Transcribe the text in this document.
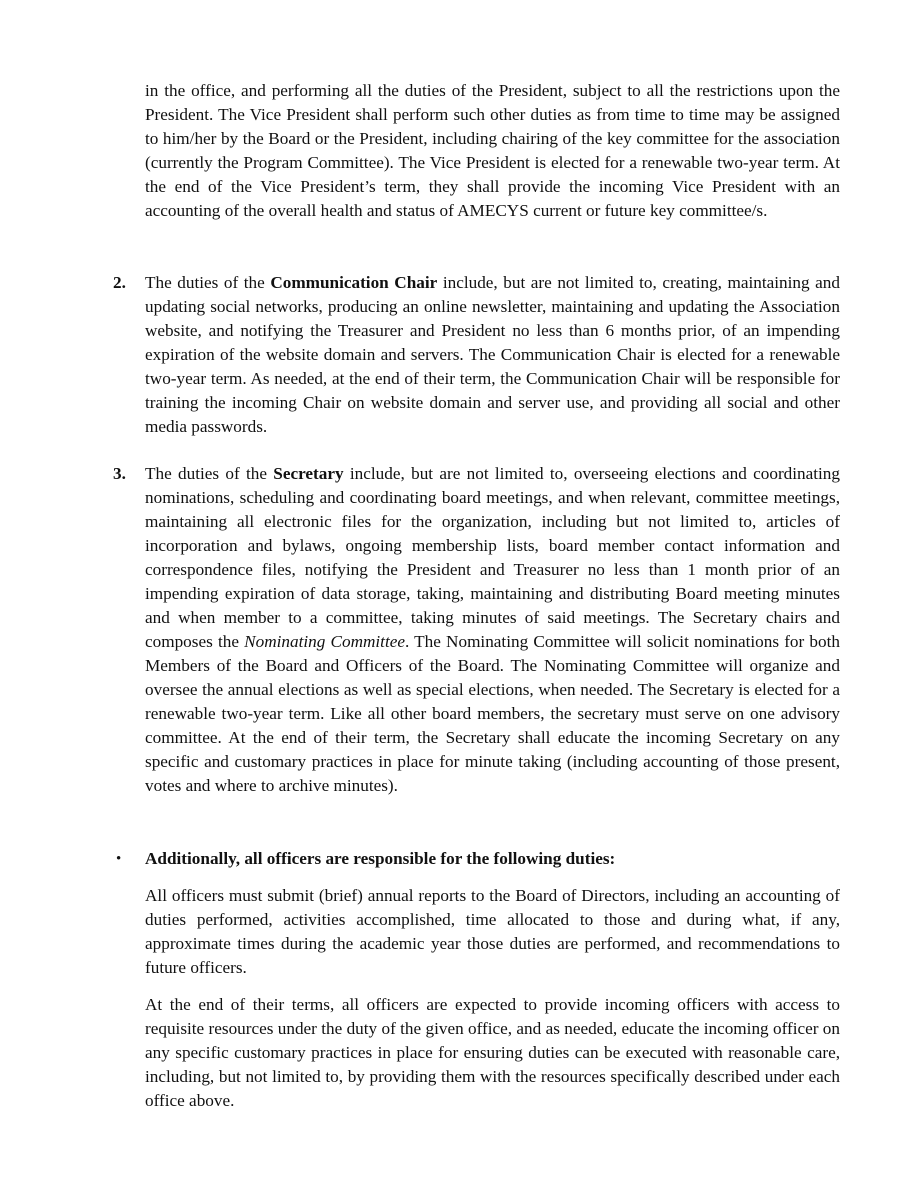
in the office, and performing all the duties of the President, subject to all the restrictions upon the President. The Vice President shall perform such other duties as from time to time may be assigned to him/her by the Board or the President, including chairing of the key committee for the association (currently the Program Committee). The Vice President is elected for a renewable two-year term. At the end of the Vice President’s term, they shall provide the incoming Vice President with an accounting of the overall health and status of AMECYS current or future key committee/s.

2. The duties of the Communication Chair include, but are not limited to, creating, maintaining and updating social networks, producing an online newsletter, maintaining and updating the Association website, and notifying the Treasurer and President no less than 6 months prior, of an impending expiration of the website domain and servers. The Communication Chair is elected for a renewable two-year term. As needed, at the end of their term, the Communication Chair will be responsible for training the incoming Chair on website domain and server use, and providing all social and other media passwords.

3. The duties of the Secretary include, but are not limited to, overseeing elections and coordinating nominations, scheduling and coordinating board meetings, and when relevant, committee meetings, maintaining all electronic files for the organization, including but not limited to, articles of incorporation and bylaws, ongoing membership lists, board member contact information and correspondence files, notifying the President and Treasurer no less than 1 month prior of an impending expiration of data storage, taking, maintaining and distributing Board meeting minutes and when member to a committee, taking minutes of said meetings. The Secretary chairs and composes the Nominating Committee. The Nominating Committee will solicit nominations for both Members of the Board and Officers of the Board. The Nominating Committee will organize and oversee the annual elections as well as special elections, when needed. The Secretary is elected for a renewable two-year term. Like all other board members, the secretary must serve on one advisory committee. At the end of their term, the Secretary shall educate the incoming Secretary on any specific and customary practices in place for minute taking (including accounting of those present, votes and where to archive minutes).

• Additionally, all officers are responsible for the following duties:

All officers must submit (brief) annual reports to the Board of Directors, including an accounting of duties performed, activities accomplished, time allocated to those and during what, if any, approximate times during the academic year those duties are performed, and recommendations to future officers.

At the end of their terms, all officers are expected to provide incoming officers with access to requisite resources under the duty of the given office, and as needed, educate the incoming officer on any specific customary practices in place for ensuring duties can be executed with reasonable care, including, but not limited to, by providing them with the resources specifically described under each office above.
